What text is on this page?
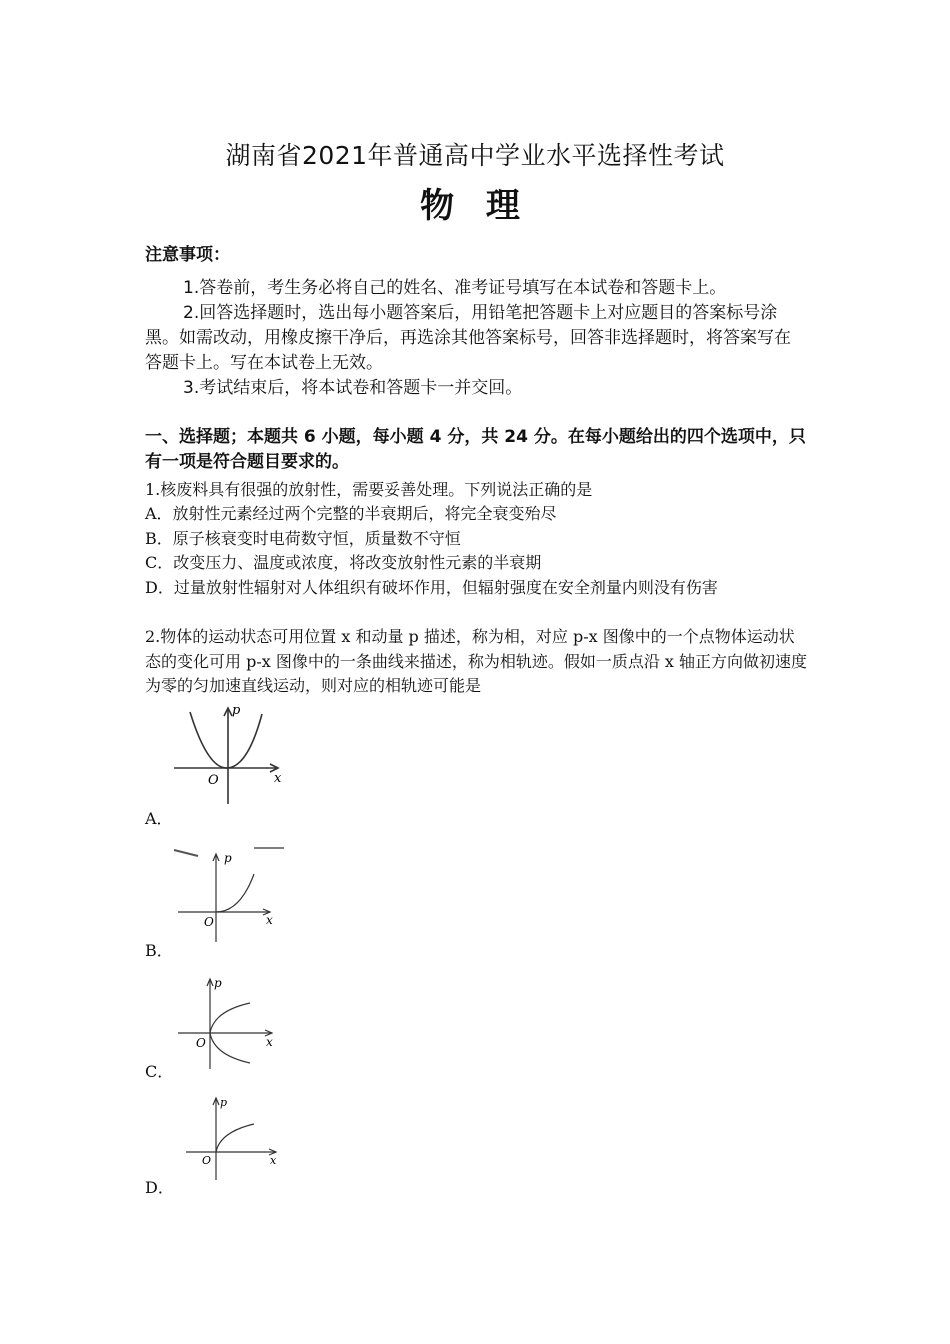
湖南省2021年普通高中学业水平选择性考试
物 理
注意事项：
1.答卷前，考生务必将自己的姓名、准考证号填写在本试卷和答题卡上。
2.回答选择题时，选出每小题答案后，用铅笔把答题卡上对应题目的答案标号涂黑。如需改动，用橡皮擦干净后，再选涂其他答案标号，回答非选择题时，将答案写在答题卡上。写在本试卷上无效。
3.考试结束后，将本试卷和答题卡一并交回。
一、选择题；本题共 6 小题，每小题 4 分，共 24 分。在每小题给出的四个选项中，只有一项是符合题目要求的。
1.核废料具有很强的放射性，需要妥善处理。下列说法正确的是
A．放射性元素经过两个完整的半衰期后，将完全衰变殆尽
B．原子核衰变时电荷数守恒，质量数不守恒
C．改变压力、温度或浓度，将改变放射性元素的半衰期
D．过量放射性辐射对人体组织有破坏作用，但辐射强度在安全剂量内则没有伤害
2.物体的运动状态可用位置 x 和动量 p 描述，称为相，对应 p-x 图像中的一个点物体运动状态的变化可用 p-x 图像中的一条曲线来描述，称为相轨迹。假如一质点沿 x 轴正方向做初速度为零的匀加速直线运动，则对应的相轨迹可能是
p
x
O
A．
p
x
O
B．
p
x
O
C．
p
x
O
D．
